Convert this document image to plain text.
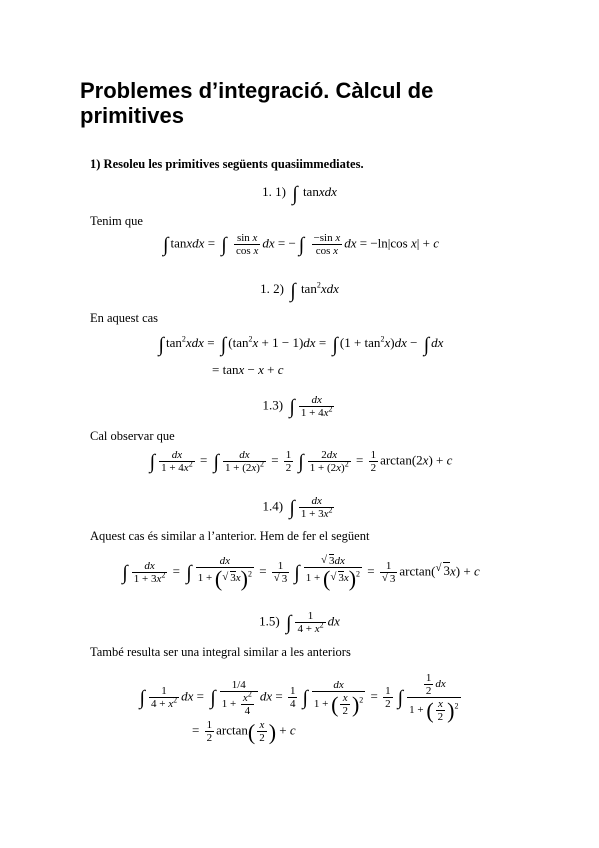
Problemes d’integració. Càlcul de primitives

1) Resoleu les primitives següents quasiimmediates.

1. 1) ∫ tanxdx

Tenim que

∫ tanxdx = ∫ $\frac{\text{sin x}}{\text{cos x}}$ dx = − ∫ $\frac{\text{−sin x}}{\text{cos x}}$ dx = −ln|cos x| + c
1. 2) ∫ $\tan^2xdx$

En aquest cas

∫ $\tan^2xdx$ = ∫ $(\tan^2x + 1 - 1)dx$ = ∫ $(1 + \tan^2x)dx$ − ∫ dx
= tanx − x + c
1.3) ∫ $\frac{dx}{1 + 4x^2}$

Cal observar que

∫ $\frac{dx}{1 + 4x^2}$ = ∫ $\frac{dx}{1 + (2x)^2} = \frac{1}{2}$ ∫ $\frac{2dx}{1 + (2x)^2} = \frac{1}{2} \arctan(2x) + c$
1.4) ∫ $\frac{dx}{1 + 3x^2}$

Aquest cas és similar a l’anterior. Hem de fer el següent

∫ $\frac{dx}{1 + 3x^2}$ = ∫ $\frac{dx}{1 + ( √ 3x)^2} = 1$
√ 3 ∫ √ $\frac{3dx}{1 + ( √ 3x)^2} = 1$
√ 3 arctan( √ 3x) + c
1.5) ∫ $\frac{1}{4 + x^2}$ dx

També resulta ser una integral similar a les anteriors

∫ $\frac{1}{4 + x^2}$ dx = ∫ $\frac{1/4}{1 + \frac{x^2}{4}}$ dx = $\frac{1}{4}$ ∫ $\frac{dx}{1 + ( \frac{x}{2} )^2} = \frac{1}{2}$ ∫ $\frac{\frac{1}{2} dx}{1 + ( \frac{x}{2} )^2}$
= $\frac{1}{2} \arctan( \frac{x}{2}$ ) + c
